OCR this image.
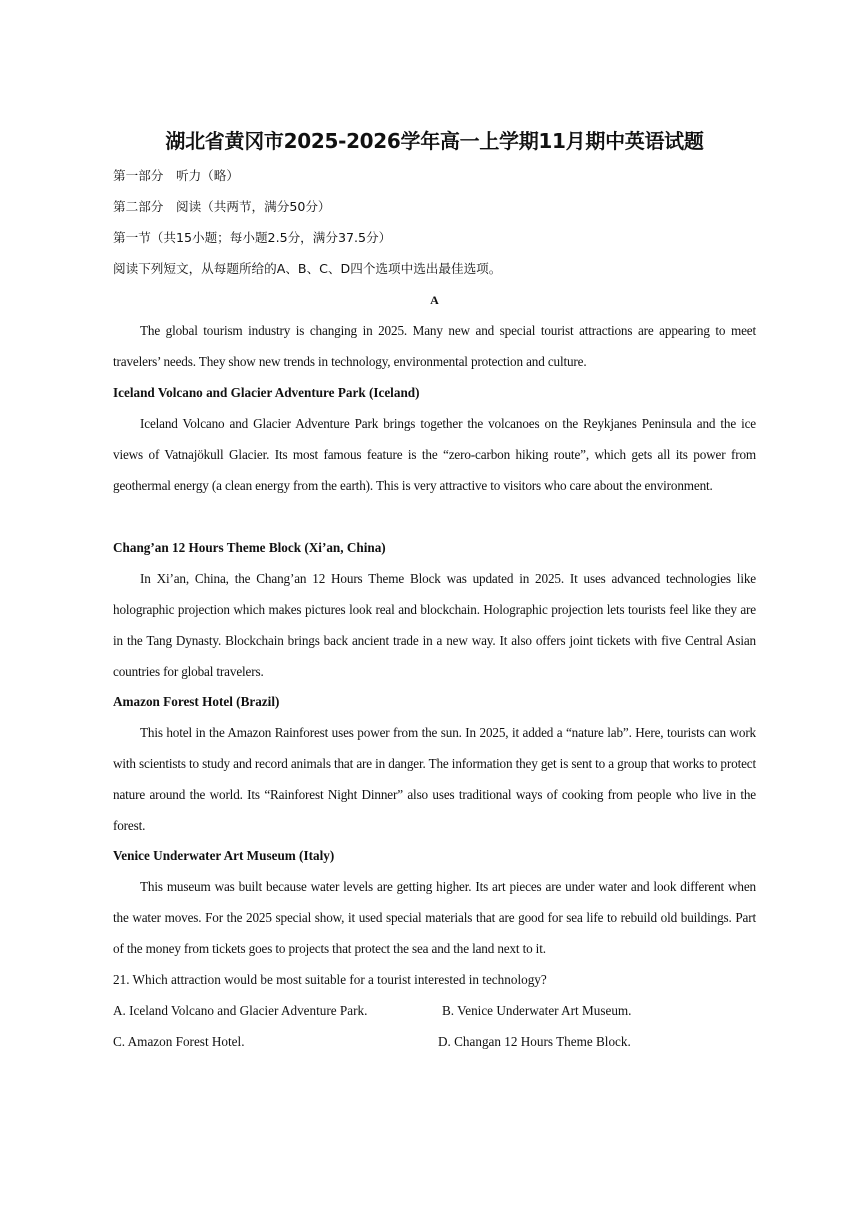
湖北省黄冈市2025-2026学年高一上学期11月期中英语试题
第一部分　听力（略）
第二部分　阅读（共两节，满分50分）
第一节（共15小题；每小题2.5分，满分37.5分）
阅读下列短文，从每题所给的A、B、C、D四个选项中选出最佳选项。
A
The global tourism industry is changing in 2025. Many new and special tourist attractions are appearing to meet travelers’ needs. They show new trends in technology, environmental protection and culture.
Iceland Volcano and Glacier Adventure Park (Iceland)
Iceland Volcano and Glacier Adventure Park brings together the volcanoes on the Reykjanes Peninsula and the ice views of Vatnajökull Glacier. Its most famous feature is the “zero-carbon hiking route”, which gets all its power from geothermal energy (a clean energy from the earth). This is very attractive to visitors who care about the environment.
Chang’an 12 Hours Theme Block (Xi’an, China)
In Xi’an, China, the Chang’an 12 Hours Theme Block was updated in 2025. It uses advanced technologies like holographic projection which makes pictures look real and blockchain. Holographic projection lets tourists feel like they are in the Tang Dynasty. Blockchain brings back ancient trade in a new way. It also offers joint tickets with five Central Asian countries for global travelers.
Amazon Forest Hotel (Brazil)
This hotel in the Amazon Rainforest uses power from the sun. In 2025, it added a “nature lab”. Here, tourists can work with scientists to study and record animals that are in danger. The information they get is sent to a group that works to protect nature around the world. Its “Rainforest Night Dinner” also uses traditional ways of cooking from people who live in the forest.
Venice Underwater Art Museum (Italy)
This museum was built because water levels are getting higher. Its art pieces are under water and look different when the water moves. For the 2025 special show, it used special materials that are good for sea life to rebuild old buildings. Part of the money from tickets goes to projects that protect the sea and the land next to it.
21. Which attraction would be most suitable for a tourist interested in technology?
A. Iceland Volcano and Glacier Adventure Park.	B. Venice Underwater Art Museum.
C. Amazon Forest Hotel.	D. Changan 12 Hours Theme Block.
